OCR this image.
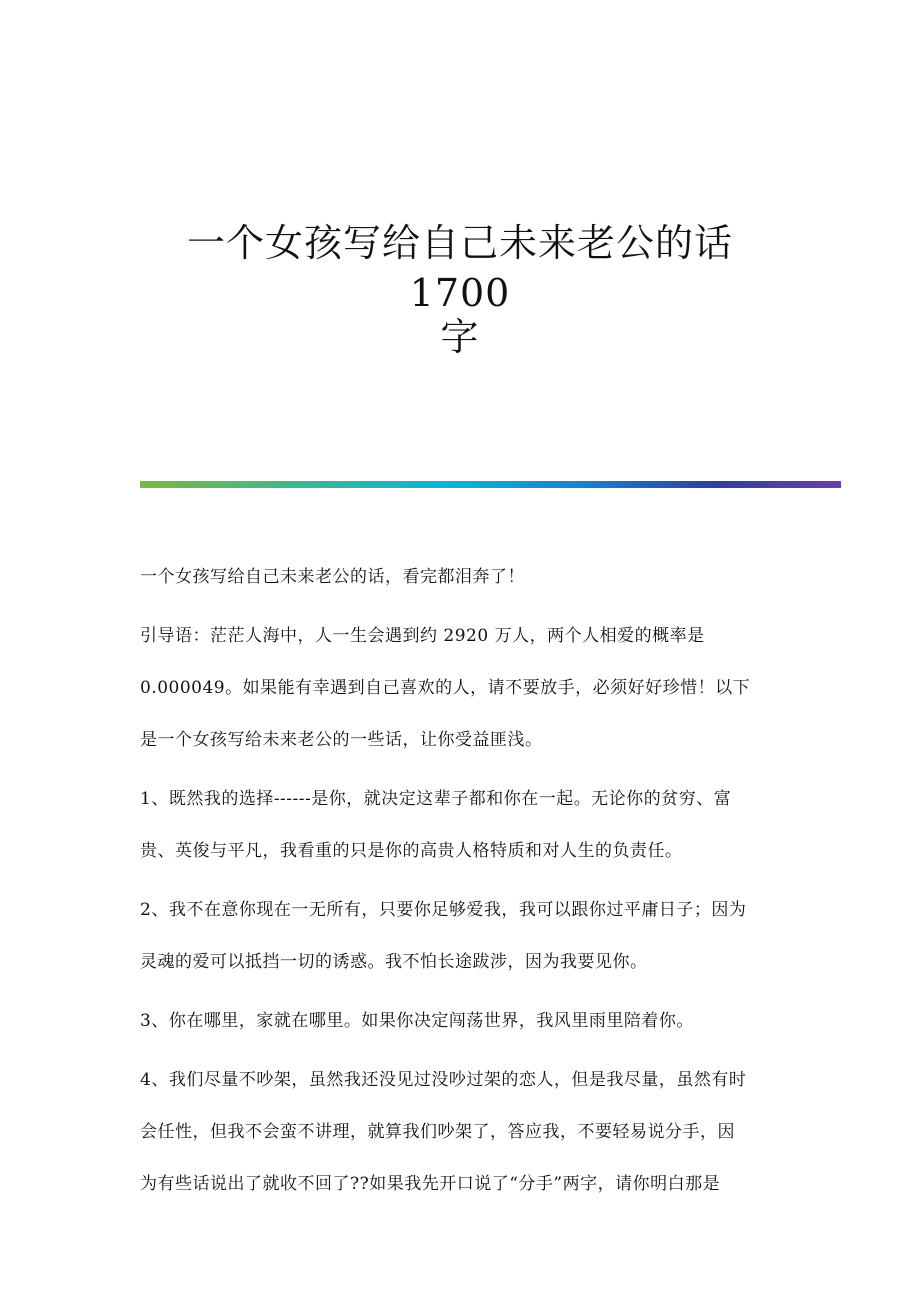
一个女孩写给自己未来老公的话 1700
字

一个女孩写给自己未来老公的话，看完都泪奔了！

引导语：茫茫人海中，人一生会遇到约 2920 万人，两个人相爱的概率是
0.000049。如果能有幸遇到自己喜欢的人，请不要放手，必须好好珍惜！以下
是一个女孩写给未来老公的一些话，让你受益匪浅。

1、既然我的选择------是你，就决定这辈子都和你在一起。无论你的贫穷、富
贵、英俊与平凡，我看重的只是你的高贵人格特质和对人生的负责任。

2、我不在意你现在一无所有，只要你足够爱我，我可以跟你过平庸日子；因为
灵魂的爱可以抵挡一切的诱惑。我不怕长途跋涉，因为我要见你。

3、你在哪里，家就在哪里。如果你决定闯荡世界，我风里雨里陪着你。

4、我们尽量不吵架，虽然我还没见过没吵过架的恋人，但是我尽量，虽然有时
会任性，但我不会蛮不讲理，就算我们吵架了，答应我，不要轻易说分手，因
为有些话说出了就收不回了??如果我先开口说了“分手”两字，请你明白那是
